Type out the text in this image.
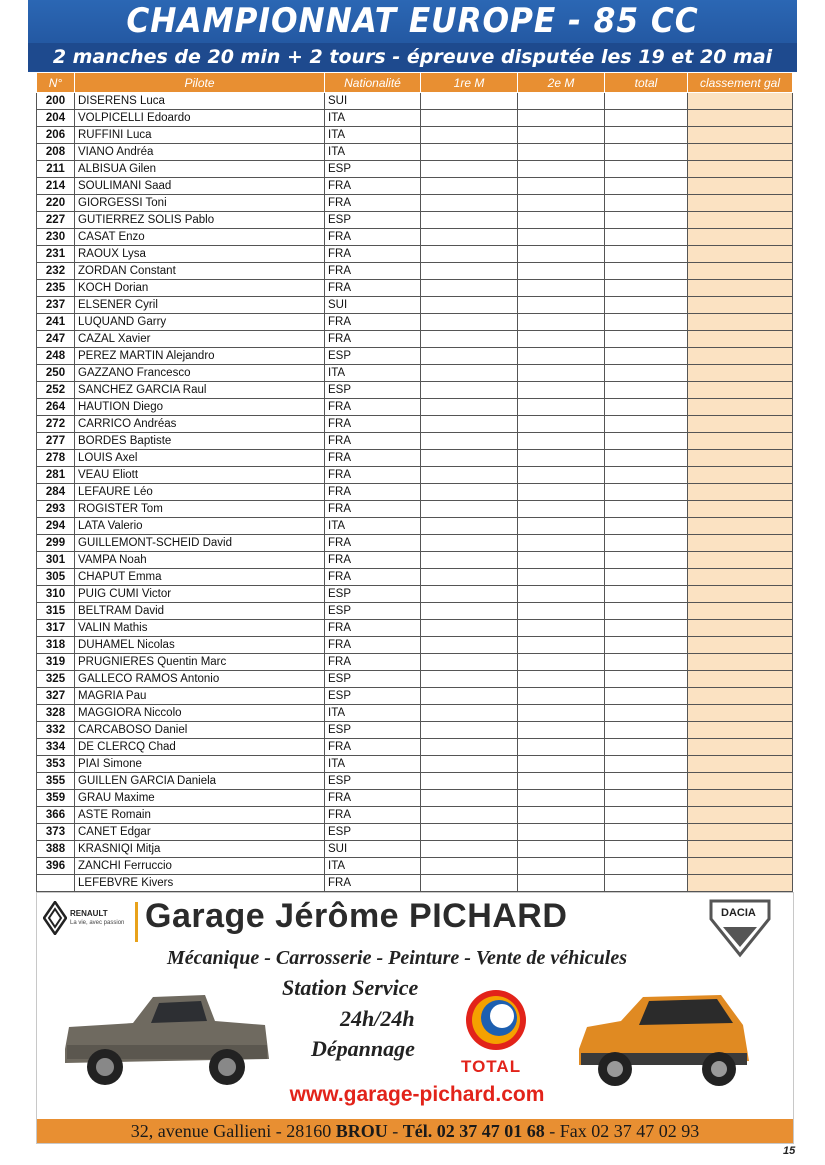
CHAMPIONNAT EUROPE - 85 CC
2 manches de 20 min + 2 tours - épreuve disputée les 19 et 20 mai
N°	Pilote	Nationalité	1re M	2e M	total	classement gal
200	DISERENS Luca	SUI				
204	VOLPICELLI Edoardo	ITA				
206	RUFFINI Luca	ITA				
208	VIANO Andréa	ITA				
211	ALBISUA Gilen	ESP				
214	SOULIMANI Saad	FRA				
220	GIORGESSI Toni	FRA				
227	GUTIERREZ SOLIS Pablo	ESP				
230	CASAT Enzo	FRA				
231	RAOUX Lysa	FRA				
232	ZORDAN Constant	FRA				
235	KOCH Dorian	FRA				
237	ELSENER Cyril	SUI				
241	LUQUAND Garry	FRA				
247	CAZAL Xavier	FRA				
248	PEREZ MARTIN Alejandro	ESP				
250	GAZZANO Francesco	ITA				
252	SANCHEZ GARCIA Raul	ESP				
264	HAUTION Diego	FRA				
272	CARRICO Andréas	FRA				
277	BORDES Baptiste	FRA				
278	LOUIS Axel	FRA				
281	VEAU Eliott	FRA				
284	LEFAURE Léo	FRA				
293	ROGISTER Tom	FRA				
294	LATA Valerio	ITA				
299	GUILLEMONT-SCHEID David	FRA				
301	VAMPA Noah	FRA				
305	CHAPUT Emma	FRA				
310	PUIG CUMI Victor	ESP				
315	BELTRAM David	ESP				
317	VALIN Mathis	FRA				
318	DUHAMEL Nicolas	FRA				
319	PRUGNIERES Quentin Marc	FRA				
325	GALLECO RAMOS Antonio	ESP				
327	MAGRIA Pau	ESP				
328	MAGGIORA Niccolo	ITA				
332	CARCABOSO Daniel	ESP				
334	DE CLERCQ Chad	FRA				
353	PIAI Simone	ITA				
355	GUILLEN GARCIA Daniela	ESP				
359	GRAU Maxime	FRA				
366	ASTE Romain	FRA				
373	CANET Edgar	ESP				
388	KRASNIQI Mitja	SUI				
396	ZANCHI Ferruccio	ITA				
	LEFEBVRE Kivers	FRA				
RENAULT
La vie, avec passion Garage Jérôme PICHARD	DACIA
Mécanique - Carrosserie - Peinture - Vente de véhicules
Station Service
24h/24h
Dépannage
TOTAL
www.garage-pichard.com
32, avenue Gallieni - 28160 BROU - Tél. 02 37 47 01 68 - Fax 02 37 47 02 93
15
